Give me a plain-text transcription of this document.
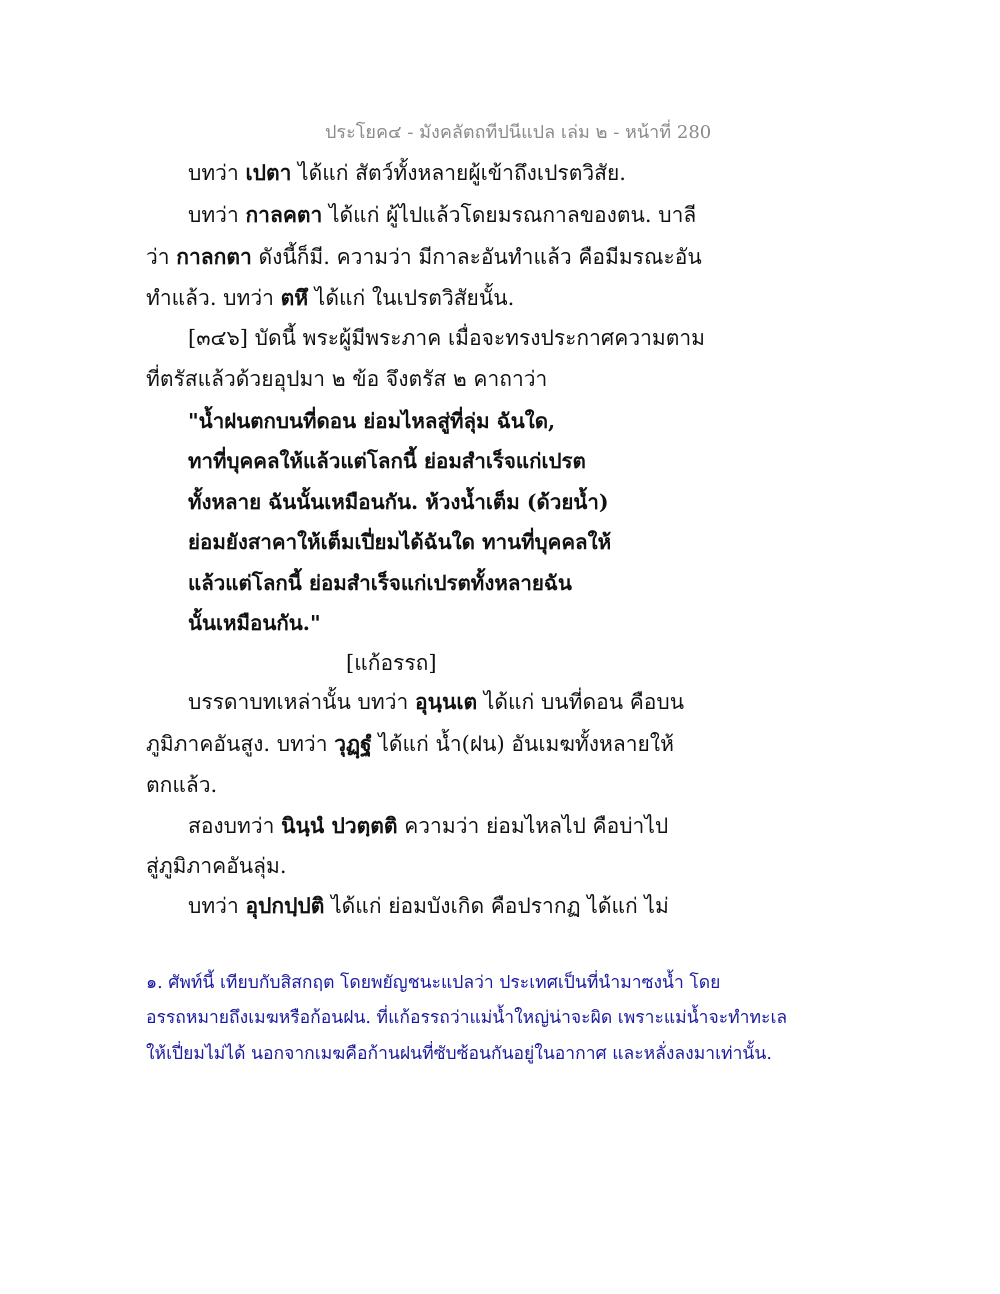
ประโยค๔ - มังคลัตถทีปนีแปล เล่ม ๒ - หน้าที่ 280
บทว่า เปตา ได้แก่ สัตว์ทั้งหลายผู้เข้าถึงเปรตวิสัย.
บทว่า กาลคตา ได้แก่ ผู้ไปแล้วโดยมรณกาลของตน. บาลี
ว่า กาลกตา ดังนี้ก็มี. ความว่า มีกาละอันทำแล้ว คือมีมรณะอัน
ทำแล้ว. บทว่า ตหึ ได้แก่ ในเปรตวิสัยนั้น.
[๓๔๖] บัดนี้ พระผู้มีพระภาค เมื่อจะทรงประกาศความตาม
ที่ตรัสแล้วด้วยอุปมา ๒ ข้อ จึงตรัส ๒ คาถาว่า
"น้ำฝนตกบนที่ดอน ย่อมไหลสู่ที่ลุ่ม ฉันใด,
ทาที่บุคคลให้แล้วแต่โลกนี้ ย่อมสำเร็จแก่เปรต
ทั้งหลาย ฉันนั้นเหมือนกัน. ห้วงน้ำเต็ม (ด้วยน้ำ)
ย่อมยังสาคาให้เต็มเปี่ยมได้ฉันใด ทานที่บุคคลให้
แล้วแต่โลกนี้ ย่อมสำเร็จแก่เปรตทั้งหลายฉัน
นั้นเหมือนกัน."
[แก้อรรถ]
บรรดาบทเหล่านั้น บทว่า อุนฺนเต ได้แก่ บนที่ดอน คือบน
ภูมิภาคอันสูง. บทว่า วุฏฺฐํ ได้แก่ น้ำ(ฝน) อันเมฆทั้งหลายให้
ตกแล้ว.
สองบทว่า นินฺนํ ปวตฺตติ ความว่า ย่อมไหลไป คือบ่าไป
สู่ภูมิภาคอันลุ่ม.
บทว่า อุปกปฺปติ ได้แก่ ย่อมบังเกิด คือปรากฏ ได้แก่ ไม่
๑. ศัพท์นี้ เทียบกับสิสกฤต โดยพยัญชนะแปลว่า ประเทศเป็นที่นำมาซงน้ำ โดย
อรรถหมายถึงเมฆหรือก้อนฝน. ที่แก้อรรถว่าแม่น้ำใหญ่น่าจะผิด เพราะแม่น้ำจะทำทะเล
ให้เปี่ยมไม่ได้ นอกจากเมฆคือก้านฝนที่ซับซ้อนกันอยู่ในอากาศ และหลั่งลงมาเท่านั้น.
